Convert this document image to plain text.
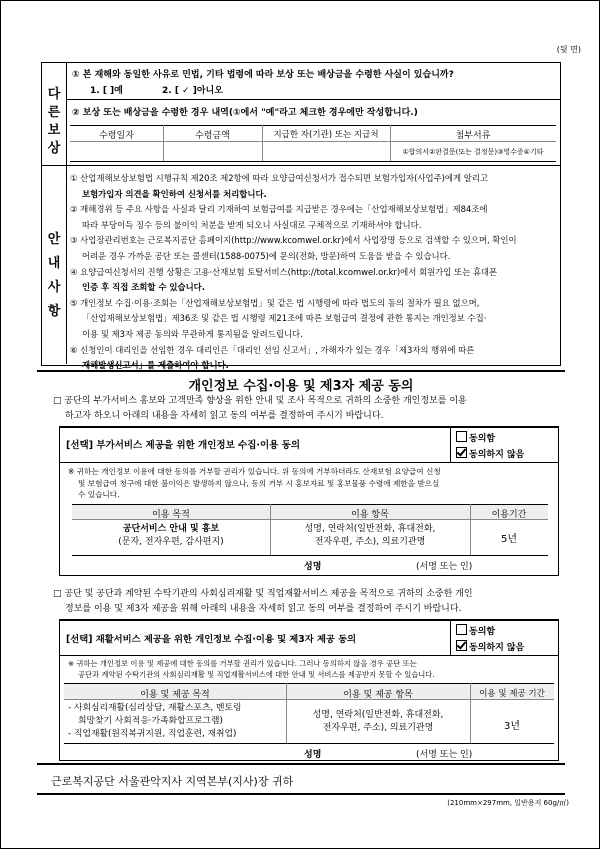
(뒷 면)
다
른
보
상
① 본 재해와 동일한 사유로 민법, 기타 법령에 따라 보상 또는 배상금을 수령한 사실이 있습니까?
1. [ ]예	2. [ ✓ ]아니오
② 보상 또는 배상금을 수령한 경우 내역(①에서 "예"라고 체크한 경우에만 작성합니다.)
수령일자	수령금액	지급한 자(기관) 또는 지급처	첨부서류
①합의서②판결문(또는 결정문)③영수증④기타
안
내
사
항
① 산업재해보상보험법 시행규칙 제20조 제2항에 따라 요양급여신청서가 접수되면 보험가입자(사업주)에게 알리고
보험가입자 의견을 확인하여 신청서를 처리합니다.
② 재해경위 등 주요 사항을 사실과 달리 기재하여 보험급여를 지급받은 경우에는「산업재해보상보험법」제84조에
따라 부당이득 징수 등의 불이익 처분을 받게 되오니 사실대로 구체적으로 기재하셔야 합니다.
③ 사업장관리번호는 근로복지공단 홈페이지(http://www.kcomwel.or.kr)에서 사업장명 등으로 검색할 수 있으며, 확인이
어려운 경우 가까운 공단 또는 콜센터(1588-0075)에 문의(전화, 방문)하여 도움을 받을 수 있습니다.
④ 요양급여신청서의 진행 상황은 고용·산재보험 토탈서비스(http://total.kcomwel.or.kr)에서 회원가입 또는 휴대폰
인증 후 직접 조회할 수 있습니다.
⑤ 개인정보 수집·이용·조회는「산업재해보상보험법」및 같은 법 시행령에 따라 법도의 동의 절차가 필요 없으며,
「산업재해보상보험법」제36조 및 같은 법 시행령 제21조에 따른 보험급여 결정에 관한 통지는 개인정보 수집·
이용 및 제3자 제공 동의와 무관하게 통지됨을 알려드립니다.
⑥ 신청인이 대리인을 선임한 경우 대리인은「대리인 선임 신고서」, 가해자가 있는 경우「제3자의 행위에 따른
재해발생신고서」를 제출하여야 합니다.
개인정보 수집·이용 및 제3자 제공 동의
□ 공단의 부가서비스 홍보와 고객만족 향상을 위한 안내 및 조사 목적으로 귀하의 소중한 개인정보를 이용
하고자 하오니 아래의 내용을 자세히 읽고 동의 여부를 결정하여 주시기 바랍니다.
[선택] 부가서비스 제공을 위한 개인정보 수집·이용 동의
동의함
동의하지 않음
※ 귀하는 개인정보 이용에 대한 동의를 거부할 권리가 있습니다. 위 동의에 거부하더라도 산재보험 요양급여 신청
및 보험급여 청구에 대한 불이익은 발생하지 않으나, 동의 거부 시 홍보자료 및 홍보물품 수령에 제한을 받으실
수 있습니다.
이용 목적	이용 항목	이용기간
공단서비스 안내 및 홍보
(문자, 전자우편, 감사편지)
성명, 연락처(일반전화, 휴대전화,
전자우편, 주소), 의료기관명	5년
성명	(서명 또는 인)
□ 공단 및 공단과 계약된 수탁기관의 사회심리재활 및 직업재활서비스 제공을 목적으로 귀하의 소중한 개인
정보를 이용 및 제3자 제공을 위해 아래의 내용을 자세히 읽고 동의 여부를 결정하여 주시기 바랍니다.
[선택] 재활서비스 제공을 위한 개인정보 수집·이용 및 제3자 제공 동의
동의함
동의하지 않음
※ 귀하는 개인정보 이용 및 제공에 대한 동의를 거부할 권리가 있습니다. 그러나 동의하지 않을 경우 공단 또는
공단과 계약된 수탁기관의 사회심리재활 및 직업재활서비스에 대한 안내 및 서비스를 제공받지 못할 수 있습니다.
이용 및 제공 목적	이용 및 제공 항목	이용 및 제공 기간
- 사회심리재활(심리상담, 재활스포츠, 멘토링
희망찾기 사회적응·가족화합프로그램)
- 직업재활(원직복귀지원, 직업훈련, 재취업)
성명, 연락처(일반전화, 휴대전화,
전자우편, 주소), 의료기관명	3년
성명	(서명 또는 인)
근로복지공단 서울관악지사 지역본부(지사)장 귀하
(210mm×297mm, 일반용지 60g/㎡)
